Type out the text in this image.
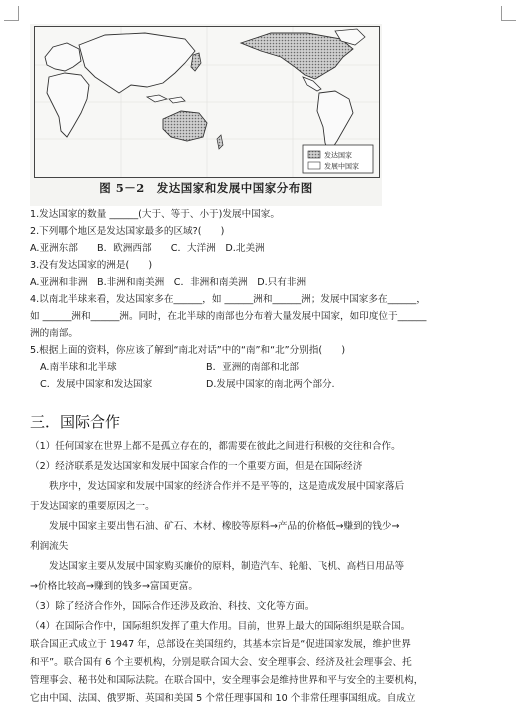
发达国家
发展中国家
图 5－2　发达国家和发展中国家分布图
1.发达国家的数量 ______(大于、等于、小于)发展中国家。
2.下列哪个地区是发达国家最多的区域?(　　)
A.亚洲东部　　B．欧洲西部　　C．大洋洲　D.北美洲
3.没有发达国家的洲是(　　)
A.亚洲和非洲　B.非洲和南美洲　C．非洲和南美洲　D.只有非洲
4.以南北半球来看，发达国家多在______，如 ______洲和______洲；发展中国家多在______，
如 ______洲和______洲。同时，在北半球的南部也分布着大量发展中国家，如印度位于______
洲的南部。
5.根据上面的资料，你应该了解到“南北对话”中的“南”和“北”分别指(　　)
A.南半球和北半球	B．亚洲的南部和北部
C．发展中国家和发达国家	D.发展中国家的南北两个部分.
三．国际合作
（1）任何国家在世界上都不是孤立存在的，都需要在彼此之间进行积极的交往和合作。
（2）经济联系是发达国家和发展中国家合作的一个重要方面，但是在国际经济
　　秩序中，发达国家和发展中国家的经济合作并不是平等的，这是造成发展中国家落后
于发达国家的重要原因之一。
　　发展中国家主要出售石油、矿石、木材、橡胶等原料→产品的价格低→赚到的钱少→
利润流失
　　发达国家主要从发展中国家购买廉价的原料，制造汽车、轮船、飞机、高档日用品等
→价格比较高→赚到的钱多→富国更富。
（3）除了经济合作外，国际合作还涉及政治、科技、文化等方面。
（4）在国际合作中，国际组织发挥了重大作用。目前，世界上最大的国际组织是联合国。
联合国正式成立于 1947 年，总部设在美国纽约，其基本宗旨是“促进国家发展，维护世界
和平”。联合国有 6 个主要机构，分别是联合国大会、安全理事会、经济及社会理事会、托
管理事会、秘书处和国际法院。在联合国中，安全理事会是维持世界和平与安全的主要机构，
它由中国、法国、俄罗斯、英国和美国 5 个常任理事国和 10 个非常任理事国组成。自成立
